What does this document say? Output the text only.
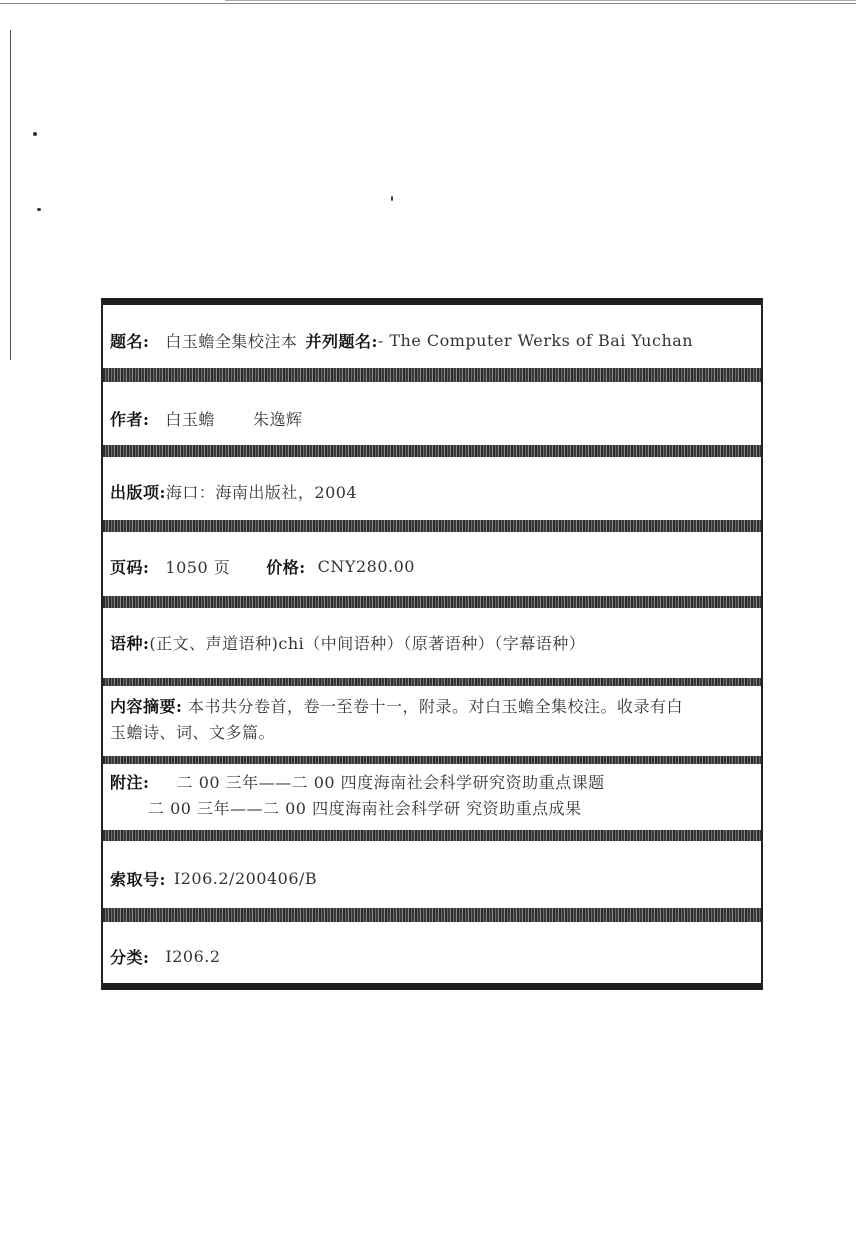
题名: 白玉蟾全集校注本 并列题名: - The Computer Werks of Bai Yuchan
作者: 白玉蟾 朱逸辉
出版项: 海口：海南出版社，2004
页码: 1050 页 价格: CNY280.00
语种: (正文、声道语种)chi（中间语种）（原著语种）（字幕语种）
内容摘要: 本书共分卷首，卷一至卷十一，附录。对白玉蟾全集校注。收录有白
玉蟾诗、词、文多篇。
附注: 二 00 三年——二 00 四度海南社会科学研究资助重点课题
二 00 三年——二 00 四度海南社会科学研 究资助重点成果
索取号: I206.2/200406/B
分类: I206.2
